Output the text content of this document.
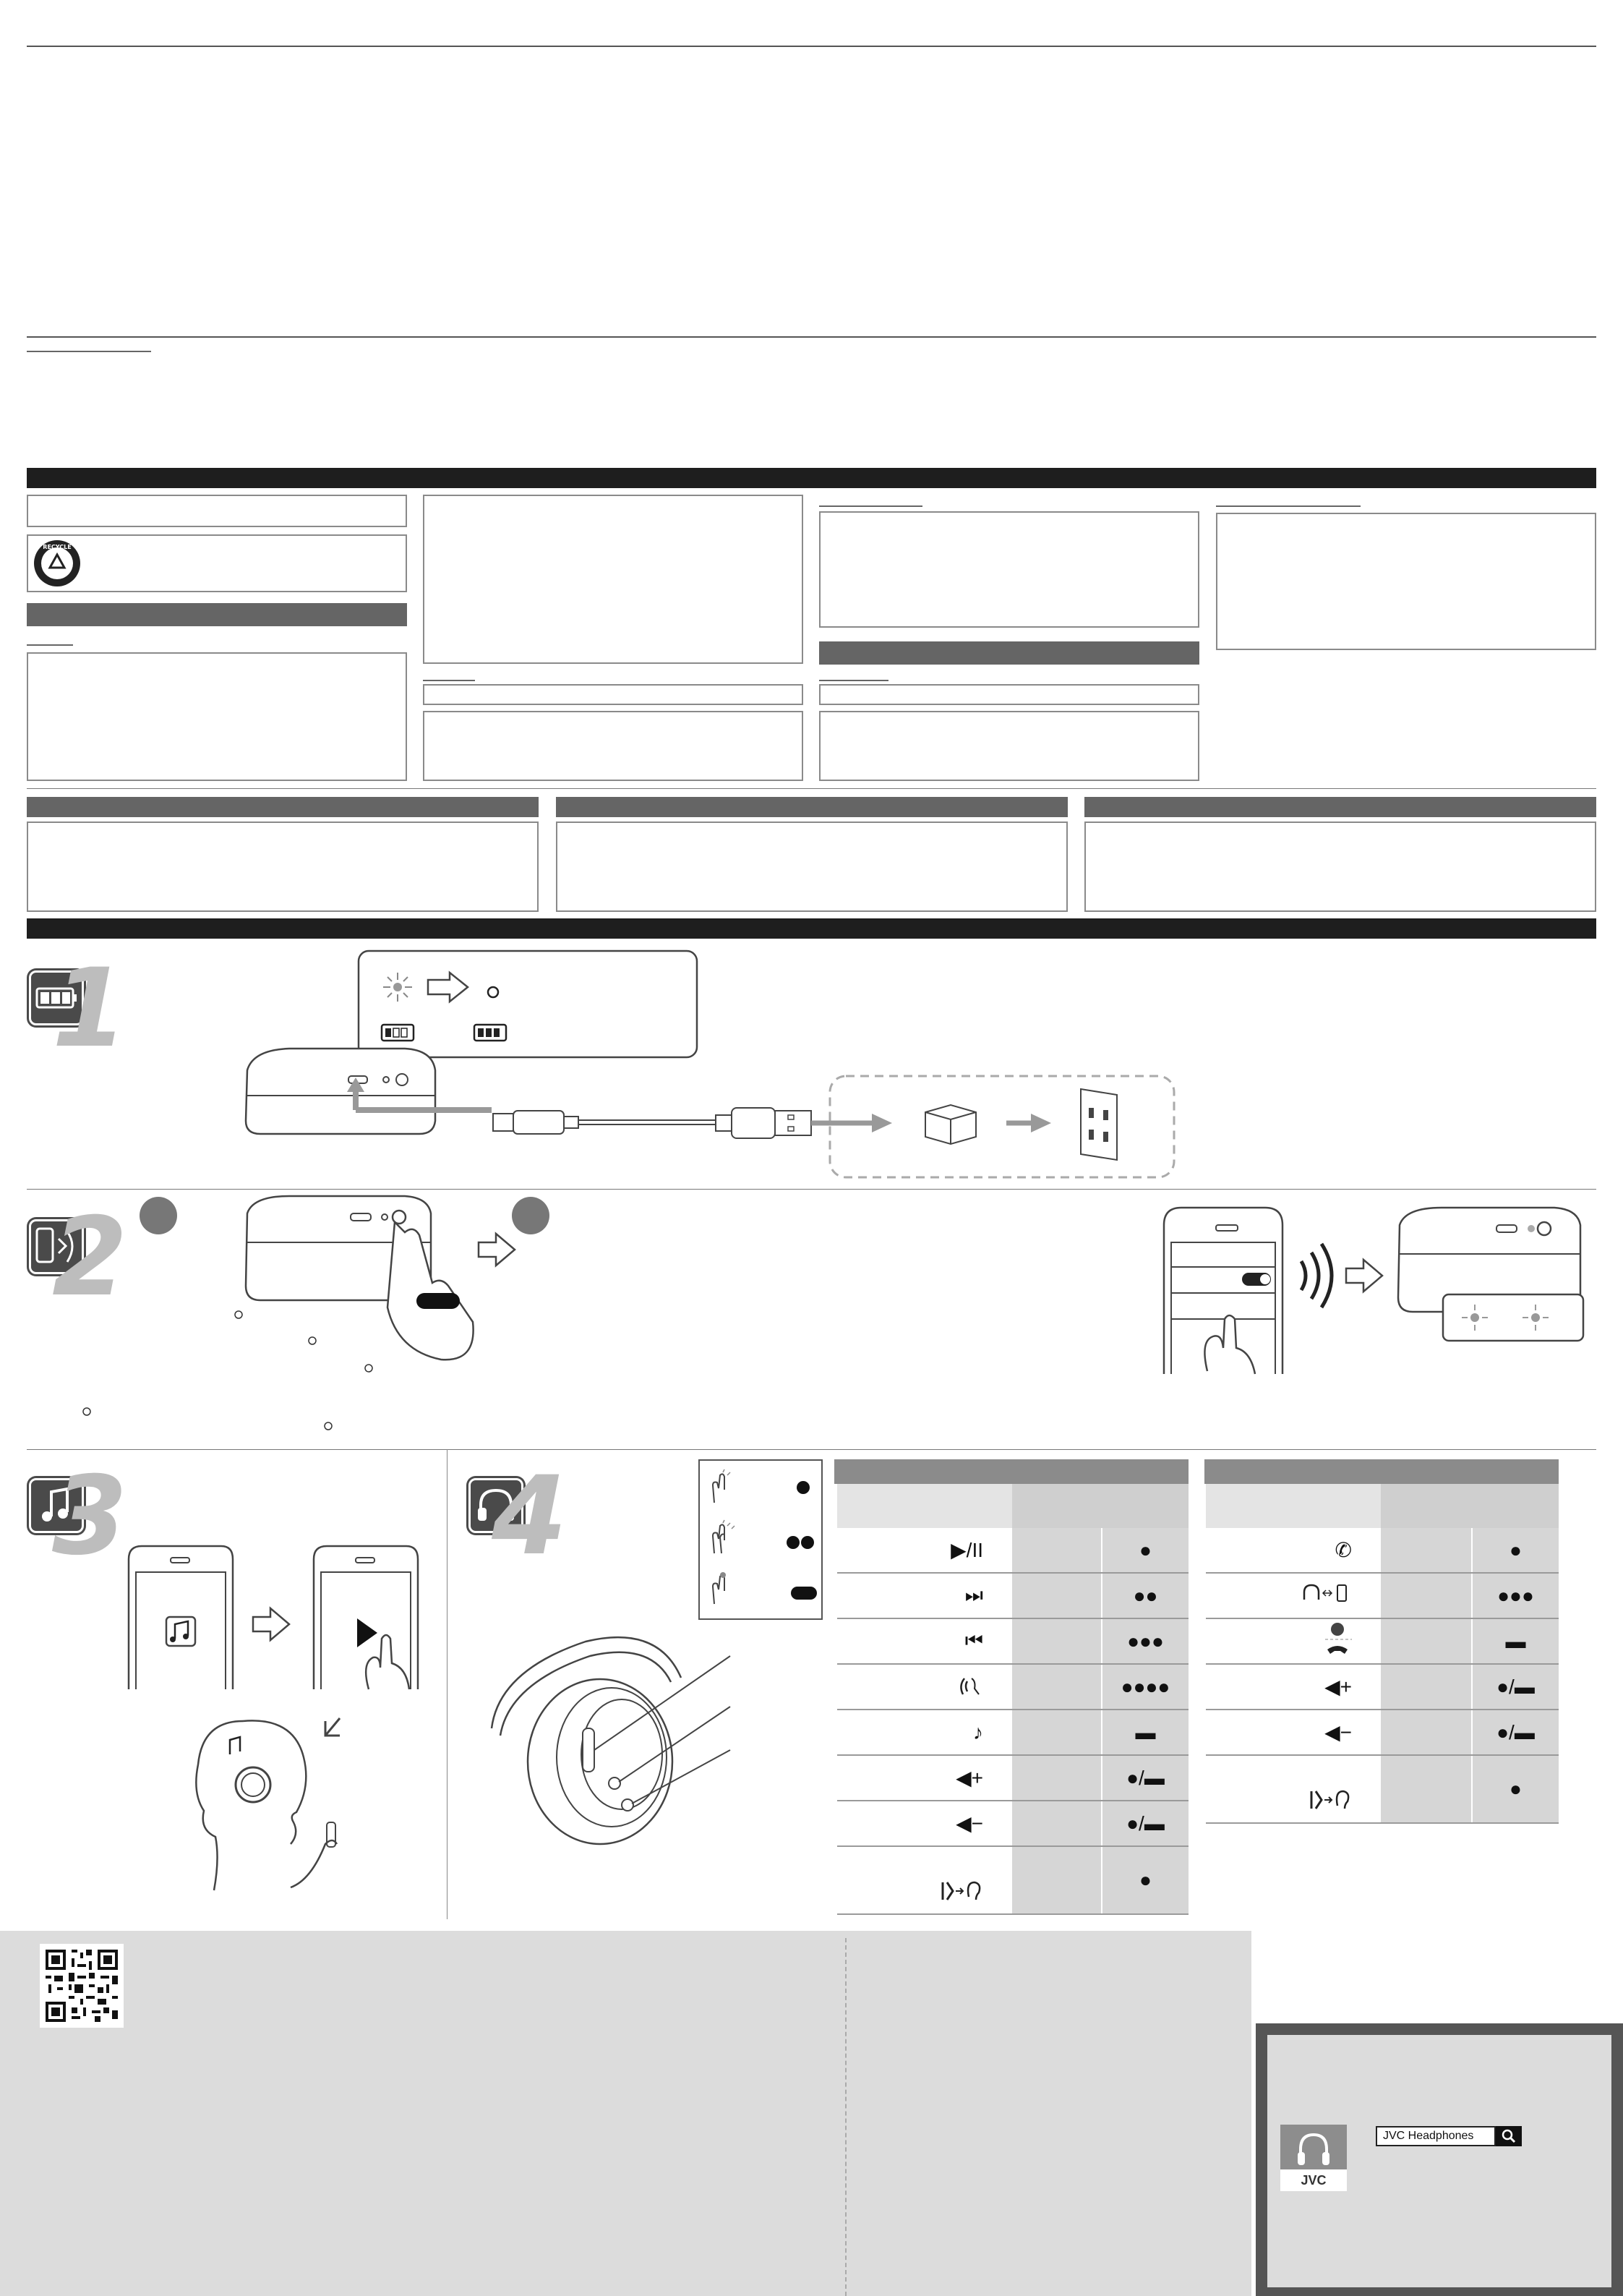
RECYCLE
1	○
2
3	4
		▶/II		●
⏭		●●
⏮		●●●
		●●●●
♪		▬
◀+		●/▬
◀−		●/▬
		●

✆		●
		●●●
		▬
◀+		●/▬
◀−		●/▬
		●
JVC
JVC Headphones
